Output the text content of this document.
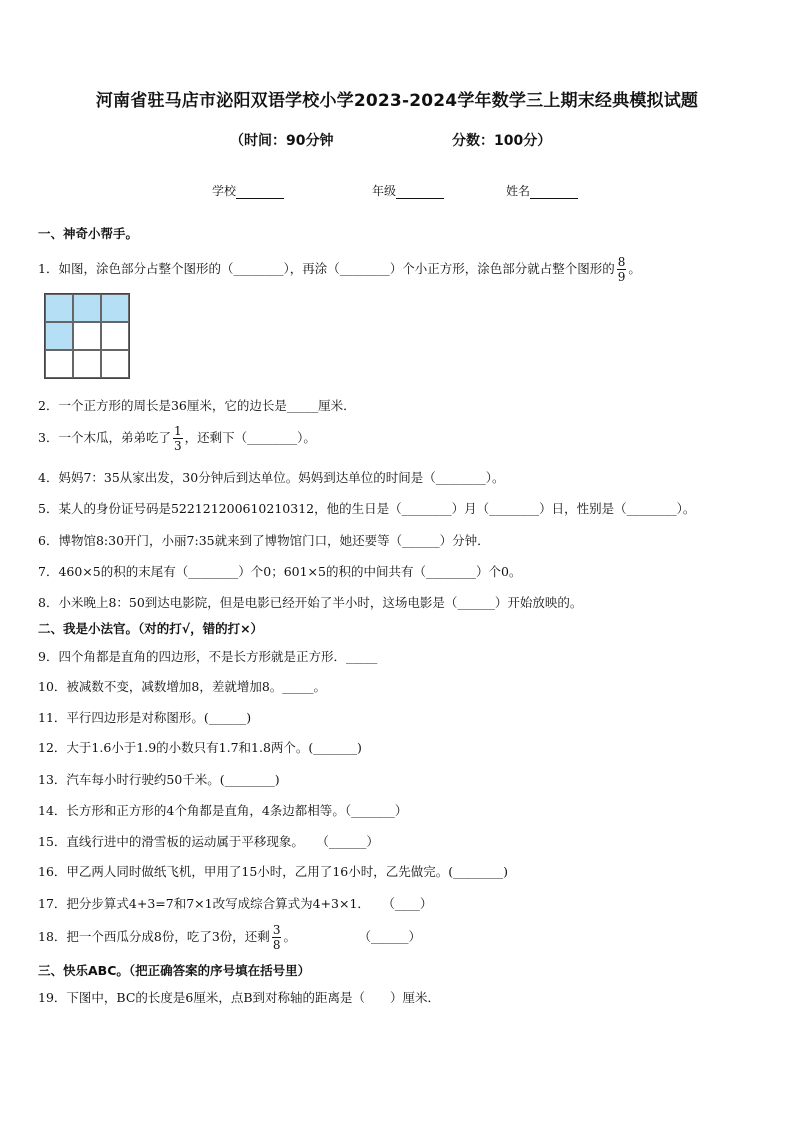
河南省驻马店市泌阳双语学校小学2023-2024学年数学三上期末经典模拟试题
（时间：90分钟	分数：100分）
学校	年级	姓名
一、神奇小帮手。
1．如图，涂色部分占整个图形的（________），再涂（________）个小正方形，涂色部分就占整个图形的 $\frac{8}{9}$ 。
2．一个正方形的周长是36厘米，它的边长是_____厘米．
3．一个木瓜，弟弟吃了 $\frac{1}{3}$ ，还剩下（________）。
4．妈妈7：35从家出发，30分钟后到达单位。妈妈到达单位的时间是（________）。
5．某人的身份证号码是522121200610210312，他的生日是（________）月（________）日，性别是（________）。
6．博物馆8:30开门，小丽7:35就来到了博物馆门口，她还要等（______）分钟．
7．460×5的积的末尾有（________）个0；601×5的积的中间共有（________）个0。
8．小米晚上8：50到达电影院，但是电影已经开始了半小时，这场电影是（______）开始放映的。
二、我是小法官。（对的打√，错的打×）
9．四个角都是直角的四边形，不是长方形就是正方形．_____
10．被减数不变，减数增加8，差就增加8。_____。
11．平行四边形是对称图形。(______)
12．大于1.6小于1.9的小数只有1.7和1.8两个。(_______)
13．汽车每小时行驶约50千米。(________)
14．长方形和正方形的4个角都是直角，4条边都相等。（_______）
15．直线行进中的滑雪板的运动属于平移现象。　　（______）
16．甲乙两人同时做纸飞机，甲用了15小时，乙用了16小时，乙先做完。(________)
17．把分步算式4+3=7和7×1改写成综合算式为4+3×1．　　（____）
18．把一个西瓜分成8份，吃了3份，还剩 $\frac{3}{8}$ 。　　　　　　（______）
三、快乐ABC。（把正确答案的序号填在括号里）
19．下图中，BC的长度是6厘米，点B到对称轴的距离是（　　）厘米．
